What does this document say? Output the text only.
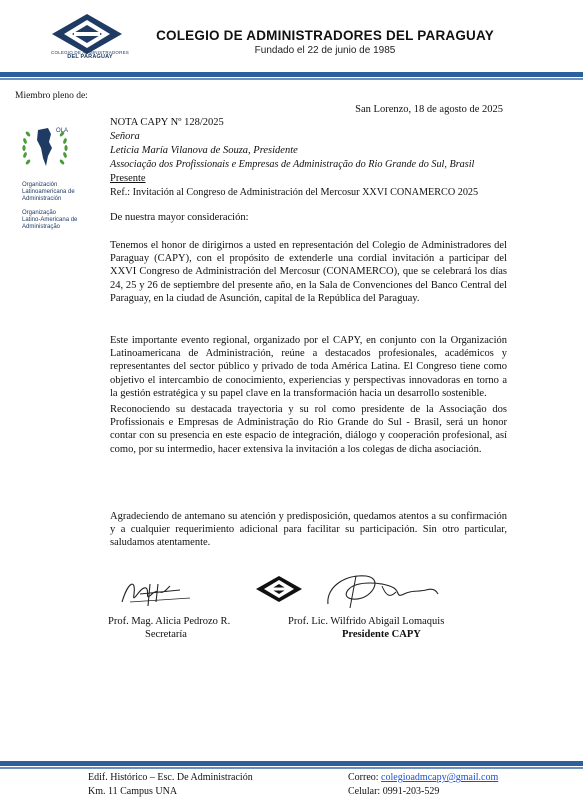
COLEGIO DE ADMINISTRADORES
DEL PARAGUAY
COLEGIO DE ADMINISTRADORES DEL PARAGUAY
Fundado el 22 de junio de 1985
Miembro pleno de:
OLA
Organización
Latinoamericana de
Administración
Organização
Latino-Americana de
Administração
San Lorenzo, 18 de agosto de 2025
NOTA CAPY Nº 128/2025
Señora
Leticia María Vilanova de Souza, Presidente
Associação dos Profissionais e Empresas de Administração do Rio Grande do Sul, Brasil
Presente
Ref.: Invitación al Congreso de Administración del Mercosur XXVI CONAMERCO 2025
De nuestra mayor consideración:

Tenemos el honor de dirigirnos a usted en representación del Colegio de Administradores del Paraguay (CAPY), con el propósito de extenderle una cordial invitación a participar del XXVI Congreso de Administración del Mercosur (CONAMERCO), que se celebrará los días 24, 25 y 26 de septiembre del presente año, en la Sala de Convenciones del Banco Central del Paraguay, en la ciudad de Asunción, capital de la República del Paraguay.

Este importante evento regional, organizado por el CAPY, en conjunto con la Organización Latinoamericana de Administración, reúne a destacados profesionales, académicos y representantes del sector público y privado de toda América Latina. El Congreso tiene como objetivo el intercambio de conocimiento, experiencias y perspectivas innovadoras en torno a la gestión estratégica y su papel clave en la transformación hacia un desarrollo sostenible.

Reconociendo su destacada trayectoria y su rol como presidente de la Associação dos Profissionais e Empresas de Administração do Rio Grande do Sul - Brasil, será un honor contar con su presencia en este espacio de integración, diálogo y cooperación profesional, así como, por su intermedio, hacer extensiva la invitación a los colegas de dicha asociación.

Agradeciendo de antemano su atención y predisposición, quedamos atentos a su confirmación y a cualquier requerimiento adicional para facilitar su participación. Sin otro particular, saludamos atentamente.

Prof. Mag. Alicia Pedrozo R.
Secretaría
Prof. Lic. Wilfrido Abigail Lomaquis
Presidente CAPY
Edif. Histórico – Esc. De Administración
Km. 11 Campus UNA
Correo: colegioadmcapy@gmail.com
Celular: 0991-203-529
